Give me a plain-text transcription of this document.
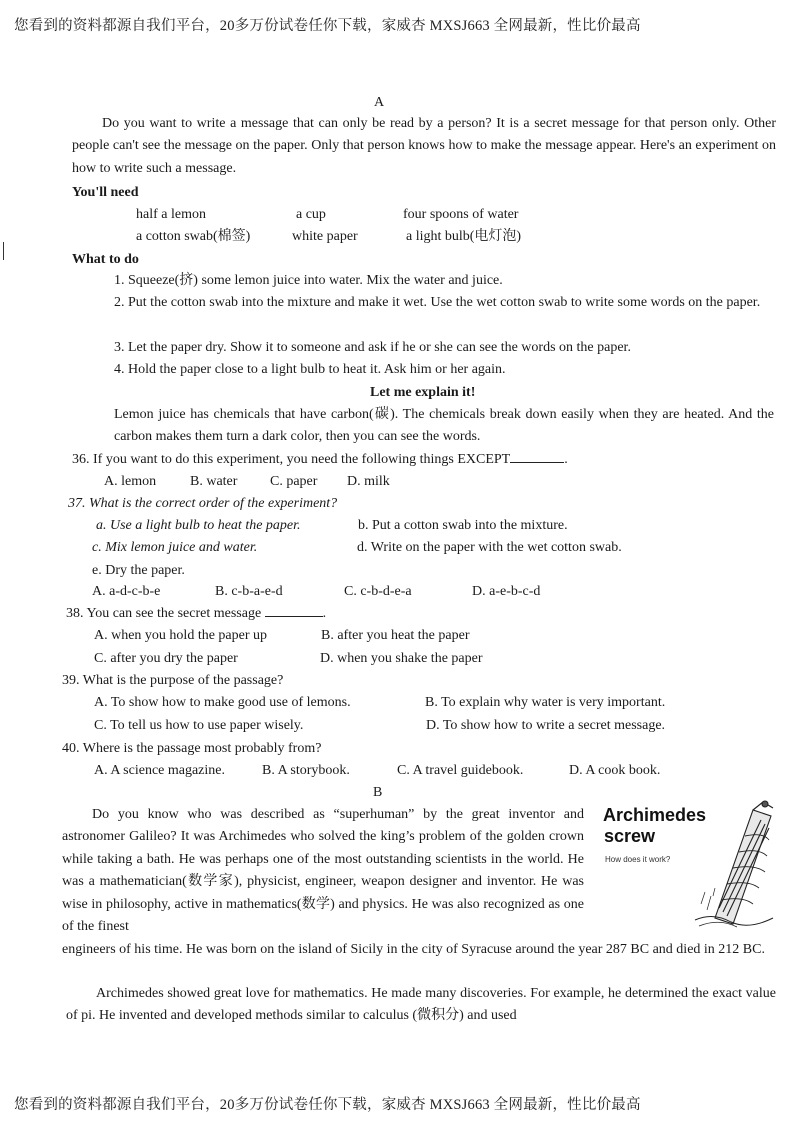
您看到的资料都源自我们平台，20多万份试卷任你下载，家威杏 MXSJ663 全网最新，性比价最高
A
Do you want to write a message that can only be read by a person? It is a secret message for that person only. Other people can't see the message on the paper. Only that person knows how to make the message appear. Here's an experiment on how to write such a message.
You'll need
half a lemon	a cup	four spoons of water
a cotton swab(棉签)	white paper	a light bulb(电灯泡)
What to do
1. Squeeze(挤) some lemon juice into water. Mix the water and juice.
2. Put the cotton swab into the mixture and make it wet. Use the wet cotton swab to write some words on the paper.
3. Let the paper dry. Show it to someone and ask if he or she can see the words on the paper.
4. Hold the paper close to a light bulb to heat it. Ask him or her again.
Let me explain it!
Lemon juice has chemicals that have carbon(碳). The chemicals break down easily when they are heated. And the carbon makes them turn a dark color, then you can see the words.
36. If you want to do this experiment, you need the following things EXCEPT	.
A. lemon B. water C. paper D. milk
37. What is the correct order of the experiment?
a. Use a light bulb to heat the paper.	b. Put a cotton swab into the mixture.
c. Mix lemon juice and water.	d. Write on the paper with the wet cotton swab.
e. Dry the paper.
A. a-d-c-b-e	B. c-b-a-e-d	C. c-b-d-e-a	D. a-e-b-c-d
38. You can see the secret message	.
A. when you hold the paper up	B. after you heat the paper
C. after you dry the paper	D. when you shake the paper
39. What is the purpose of the passage?
A. To show how to make good use of lemons.	B. To explain why water is very important.
C. To tell us how to use paper wisely.	D. To show how to write a secret message.
40. Where is the passage most probably from?
A. A science magazine.	B. A storybook.	C. A travel guidebook.	D. A cook book.
B
Do you know who was described as “superhuman” by the great inventor and astronomer Galileo? It was Archimedes who solved the king’s problem of the golden crown while taking a bath. He was perhaps one of the most outstanding scientists in the world. He was a mathematician(数学家), physicist, engineer, weapon designer and inventor. He was wise in philosophy, active in mathematics(数学) and physics. He was also recognized as one of the finest
engineers of his time. He was born on the island of Sicily in the city of Syracuse around the year 287 BC and died in 212 BC.
Archimedes showed great love for mathematics. He made many discoveries. For example, he determined the exact value of pi. He invented and developed methods similar to calculus (微积分) and used
Archimedes
screw
How does it work?
您看到的资料都源自我们平台，20多万份试卷任你下载，家威杏 MXSJ663 全网最新，性比价最高
